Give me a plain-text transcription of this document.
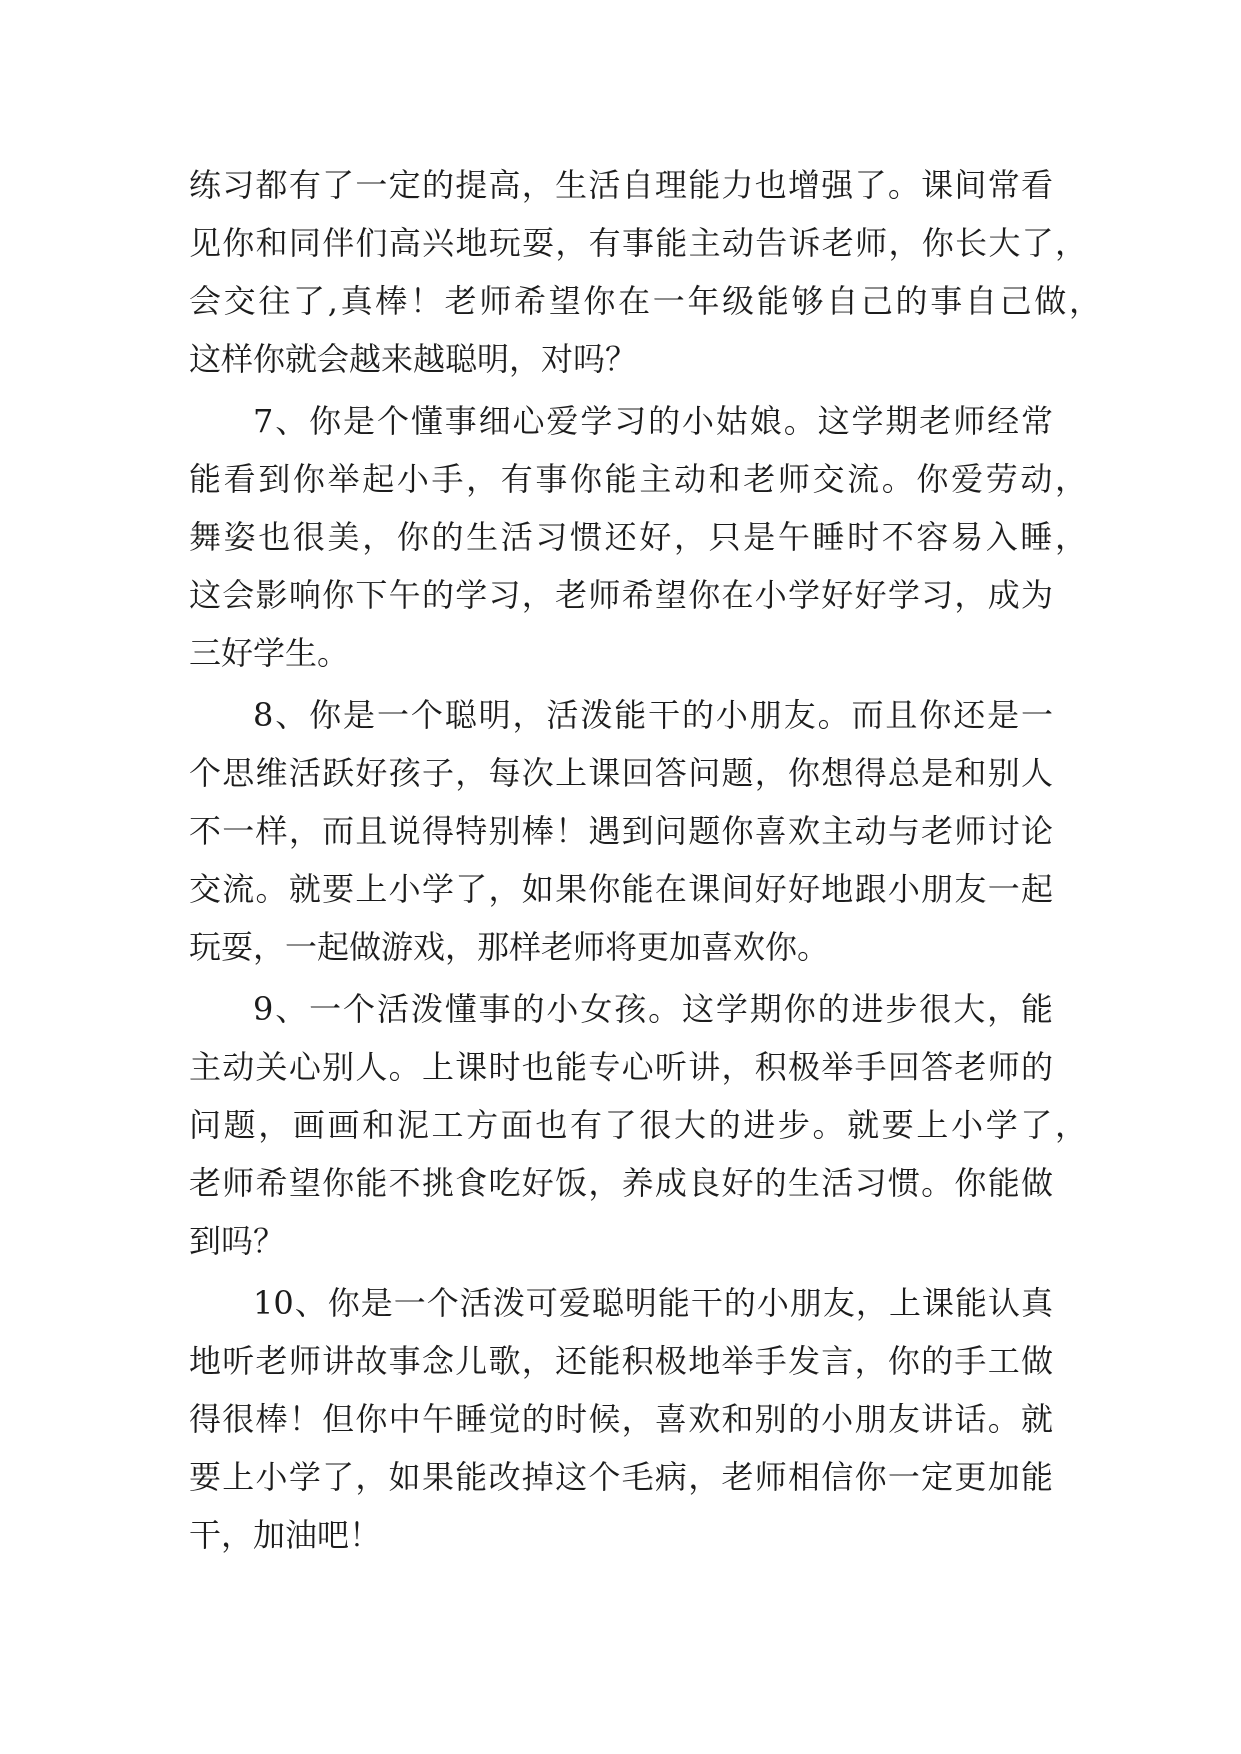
练习都有了一定的提高，生活自理能力也增强了。课间常看
见你和同伴们高兴地玩耍，有事能主动告诉老师，你长大了，
会交往了,真棒！老师希望你在一年级能够自己的事自己做，
这样你就会越来越聪明，对吗？
7、你是个懂事细心爱学习的小姑娘。这学期老师经常
能看到你举起小手，有事你能主动和老师交流。你爱劳动，
舞姿也很美，你的生活习惯还好，只是午睡时不容易入睡，
这会影响你下午的学习，老师希望你在小学好好学习，成为
三好学生。
8、你是一个聪明，活泼能干的小朋友。而且你还是一
个思维活跃好孩子，每次上课回答问题，你想得总是和别人
不一样，而且说得特别棒！遇到问题你喜欢主动与老师讨论
交流。就要上小学了，如果你能在课间好好地跟小朋友一起
玩耍，一起做游戏，那样老师将更加喜欢你。
9、一个活泼懂事的小女孩。这学期你的进步很大，能
主动关心别人。上课时也能专心听讲，积极举手回答老师的
问题，画画和泥工方面也有了很大的进步。就要上小学了，
老师希望你能不挑食吃好饭，养成良好的生活习惯。你能做
到吗？
10、你是一个活泼可爱聪明能干的小朋友，上课能认真
地听老师讲故事念儿歌，还能积极地举手发言，你的手工做
得很棒！但你中午睡觉的时候，喜欢和别的小朋友讲话。就
要上小学了，如果能改掉这个毛病，老师相信你一定更加能
干，加油吧！
